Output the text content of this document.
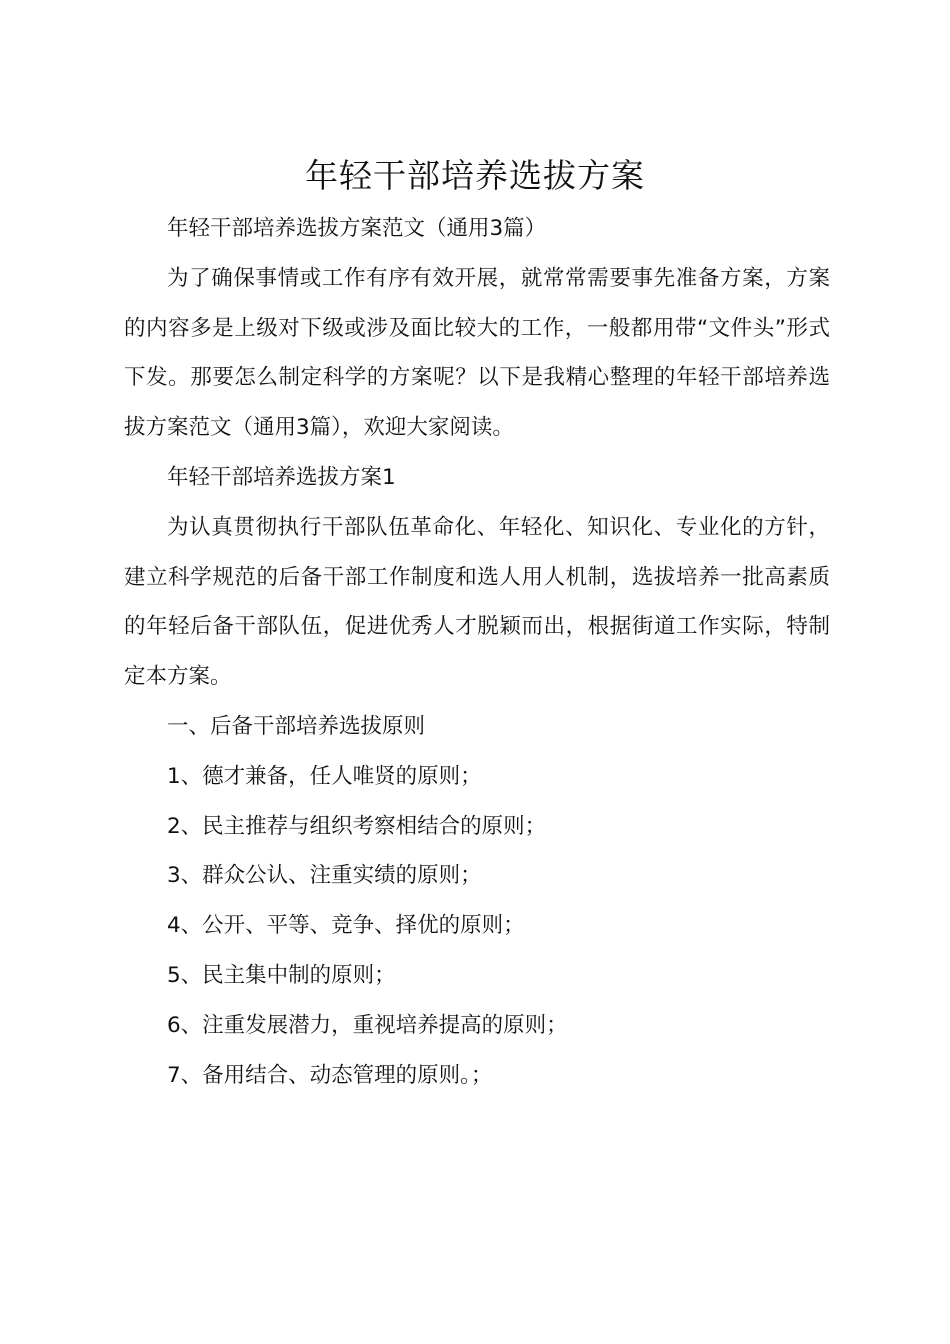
年轻干部培养选拔方案

年轻干部培养选拔方案范文（通用3篇）

为了确保事情或工作有序有效开展，就常常需要事先准备方案，方案的内容多是上级对下级或涉及面比较大的工作，一般都用带“文件头”形式下发。那要怎么制定科学的方案呢？以下是我精心整理的年轻干部培养选拔方案范文（通用3篇），欢迎大家阅读。

年轻干部培养选拔方案1

为认真贯彻执行干部队伍革命化、年轻化、知识化、专业化的方针，建立科学规范的后备干部工作制度和选人用人机制，选拔培养一批高素质的年轻后备干部队伍，促进优秀人才脱颖而出，根据街道工作实际，特制定本方案。

一、后备干部培养选拔原则

1、德才兼备，任人唯贤的原则；

2、民主推荐与组织考察相结合的原则；

3、群众公认、注重实绩的原则；

4、公开、平等、竞争、择优的原则；

5、民主集中制的原则；

6、注重发展潜力，重视培养提高的原则；

7、备用结合、动态管理的原则。；
